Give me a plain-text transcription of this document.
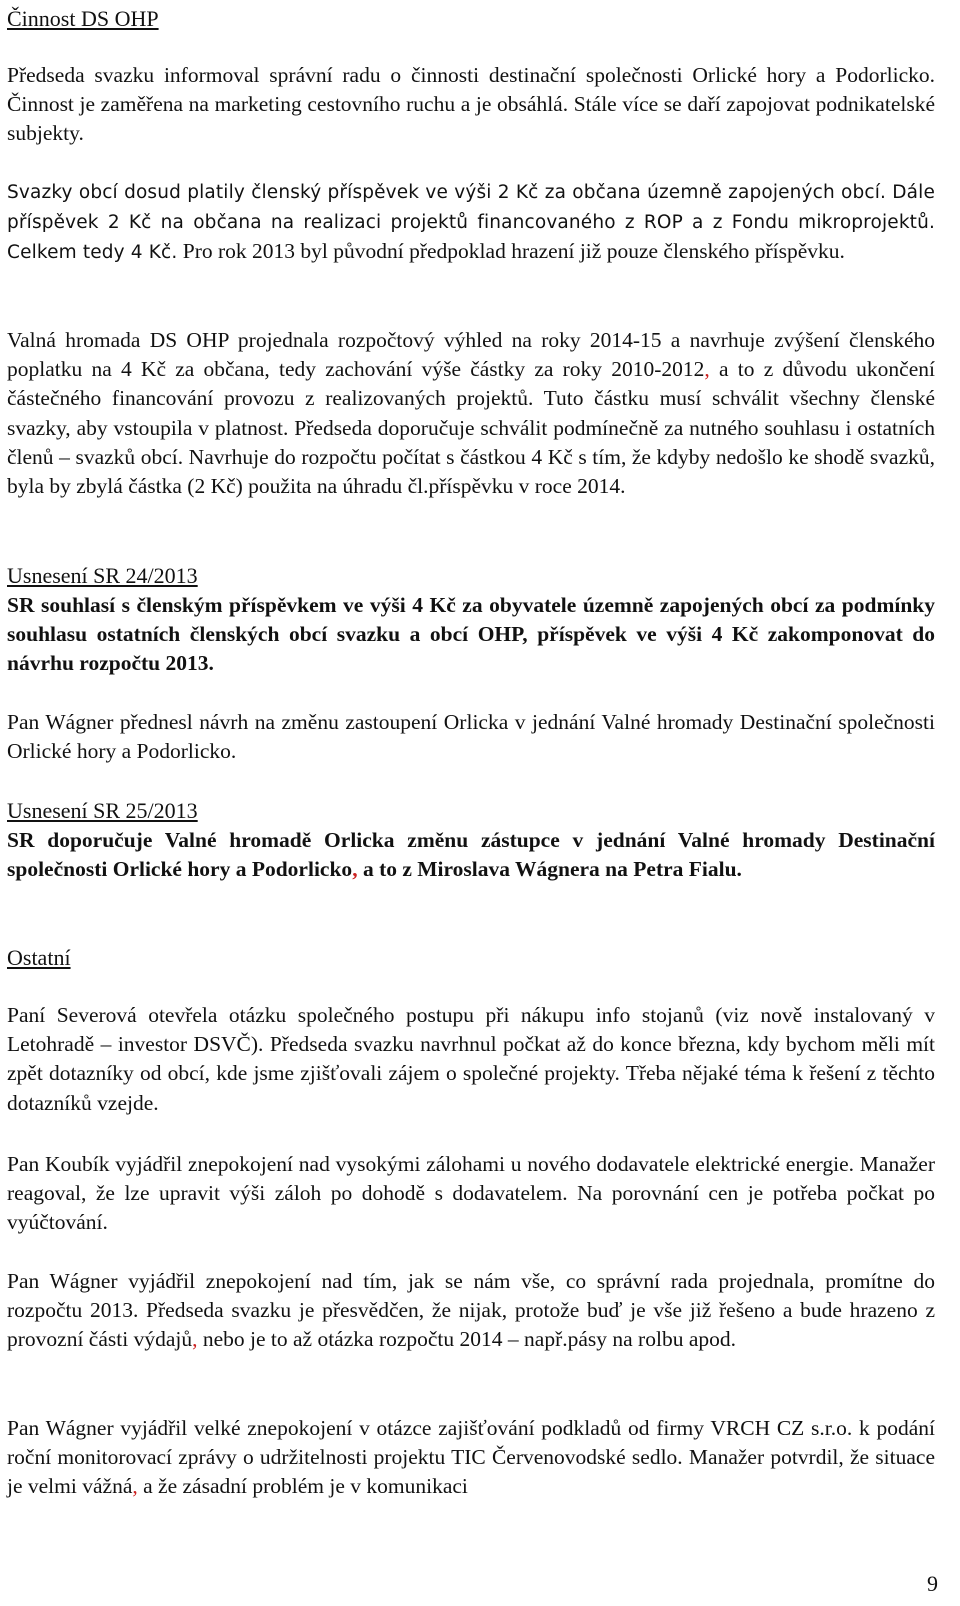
Činnost DS OHP

Předseda svazku informoval správní radu o činnosti destinační společnosti Orlické hory a Podorlicko. Činnost je zaměřena na marketing cestovního ruchu a je obsáhlá. Stále více se daří zapojovat podnikatelské subjekty.

Svazky obcí dosud platily členský příspěvek ve výši 2 Kč za občana územně zapojených obcí. Dále příspěvek 2 Kč na občana na realizaci projektů financovaného z ROP a z Fondu mikroprojektů. Celkem tedy 4 Kč. Pro rok 2013 byl původní předpoklad hrazení již pouze členského příspěvku.

Valná hromada DS OHP projednala rozpočtový výhled na roky 2014-15 a navrhuje zvýšení členského poplatku na 4 Kč za občana, tedy zachování výše částky za roky 2010-2012, a to z důvodu ukončení částečného financování provozu z realizovaných projektů. Tuto částku musí schválit všechny členské svazky, aby vstoupila v platnost. Předseda doporučuje schválit podmínečně za nutného souhlasu i ostatních členů – svazků obcí. Navrhuje do rozpočtu počítat s částkou 4 Kč s tím, že kdyby nedošlo ke shodě svazků, byla by zbylá částka (2 Kč) použita na úhradu čl.příspěvku v roce 2014.

Usnesení SR 24/2013

SR souhlasí s členským příspěvkem ve výši 4 Kč za obyvatele územně zapojených obcí za podmínky souhlasu ostatních členských obcí svazku a obcí OHP, příspěvek ve výši 4 Kč zakomponovat do návrhu rozpočtu 2013.

Pan Wágner přednesl návrh na změnu zastoupení Orlicka v jednání Valné hromady Destinační společnosti Orlické hory a Podorlicko.

Usnesení SR 25/2013

SR doporučuje Valné hromadě Orlicka změnu zástupce v jednání Valné hromady Destinační společnosti Orlické hory a Podorlicko, a to z Miroslava Wágnera na Petra Fialu.

Ostatní

Paní Severová otevřela otázku společného postupu při nákupu info stojanů (viz nově instalovaný v Letohradě – investor DSVČ). Předseda svazku navrhnul počkat až do konce března, kdy bychom měli mít zpět dotazníky od obcí, kde jsme zjišťovali zájem o společné projekty. Třeba nějaké téma k řešení z těchto dotazníků vzejde.

Pan Koubík vyjádřil znepokojení nad vysokými zálohami u nového dodavatele elektrické energie. Manažer reagoval, že lze upravit výši záloh po dohodě s dodavatelem. Na porovnání cen je potřeba počkat po vyúčtování.

Pan Wágner vyjádřil znepokojení nad tím, jak se nám vše, co správní rada projednala, promítne do rozpočtu 2013. Předseda svazku je přesvědčen, že nijak, protože buď je vše již řešeno a bude hrazeno z provozní části výdajů, nebo je to až otázka rozpočtu 2014 – např.pásy na rolbu apod.

Pan Wágner vyjádřil velké znepokojení v otázce zajišťování podkladů od firmy VRCH CZ s.r.o. k podání roční monitorovací zprávy o udržitelnosti projektu TIC Červenovodské sedlo. Manažer potvrdil, že situace je velmi vážná, a že zásadní problém je v komunikaci

9
